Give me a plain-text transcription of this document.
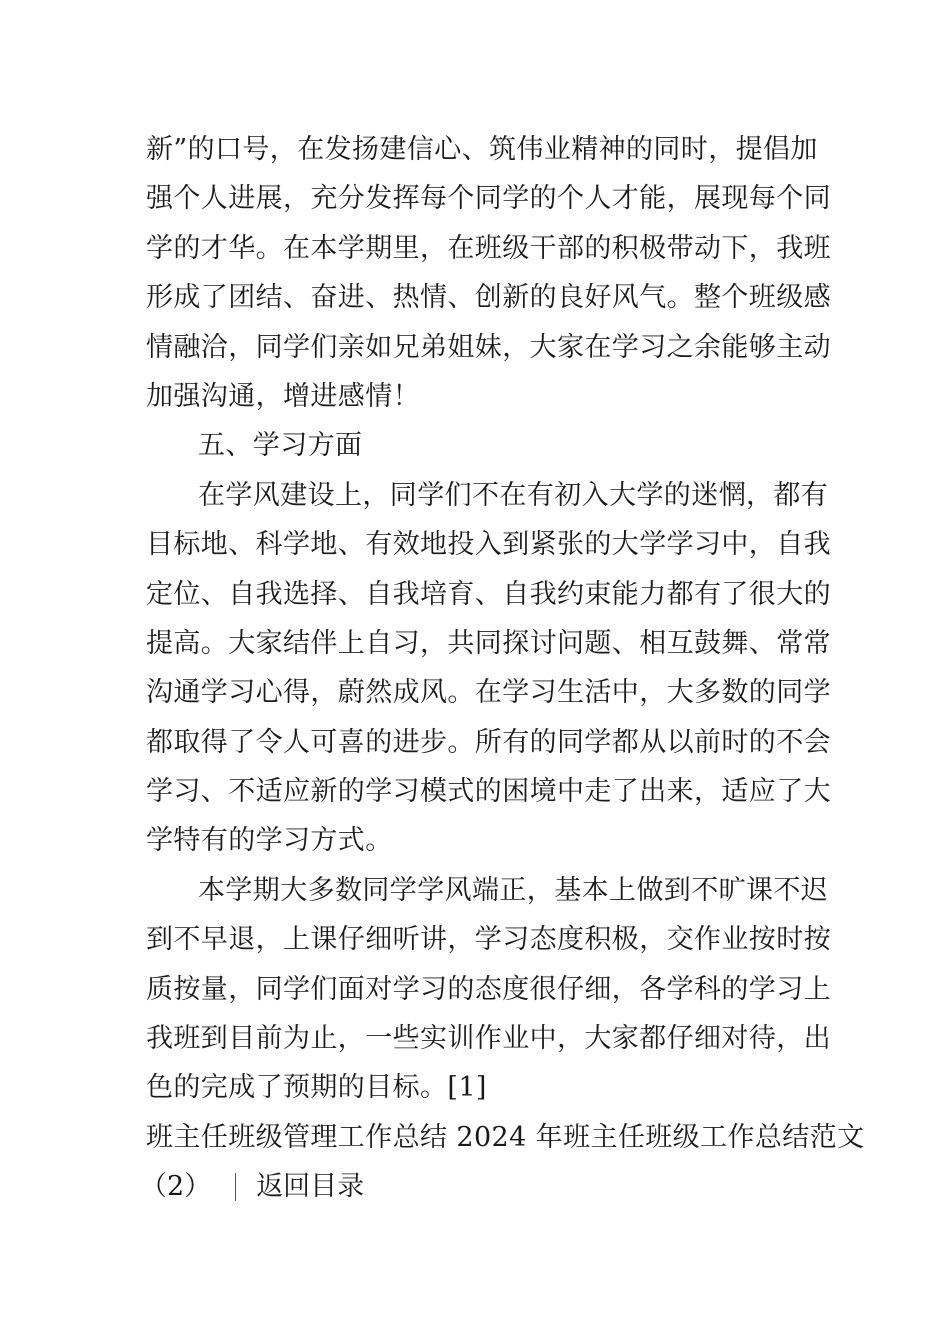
新”的口号，在发扬建信心、筑伟业精神的同时，提倡加
强个人进展，充分发挥每个同学的个人才能，展现每个同
学的才华。在本学期里，在班级干部的积极带动下，我班
形成了团结、奋进、热情、创新的良好风气。整个班级感
情融洽，同学们亲如兄弟姐妹，大家在学习之余能够主动
加强沟通，增进感情！
五、学习方面
在学风建设上，同学们不在有初入大学的迷惘，都有
目标地、科学地、有效地投入到紧张的大学学习中，自我
定位、自我选择、自我培育、自我约束能力都有了很大的
提高。大家结伴上自习，共同探讨问题、相互鼓舞、常常
沟通学习心得，蔚然成风。在学习生活中，大多数的同学
都取得了令人可喜的进步。所有的同学都从以前时的不会
学习、不适应新的学习模式的困境中走了出来，适应了大
学特有的学习方式。
本学期大多数同学学风端正，基本上做到不旷课不迟
到不早退，上课仔细听讲，学习态度积极，交作业按时按
质按量，同学们面对学习的态度很仔细，各学科的学习上
我班到目前为止，一些实训作业中，大家都仔细对待，出
色的完成了预期的目标。[1]
班主任班级管理工作总结 2024 年班主任班级工作总结范文
（2） 返回目录
